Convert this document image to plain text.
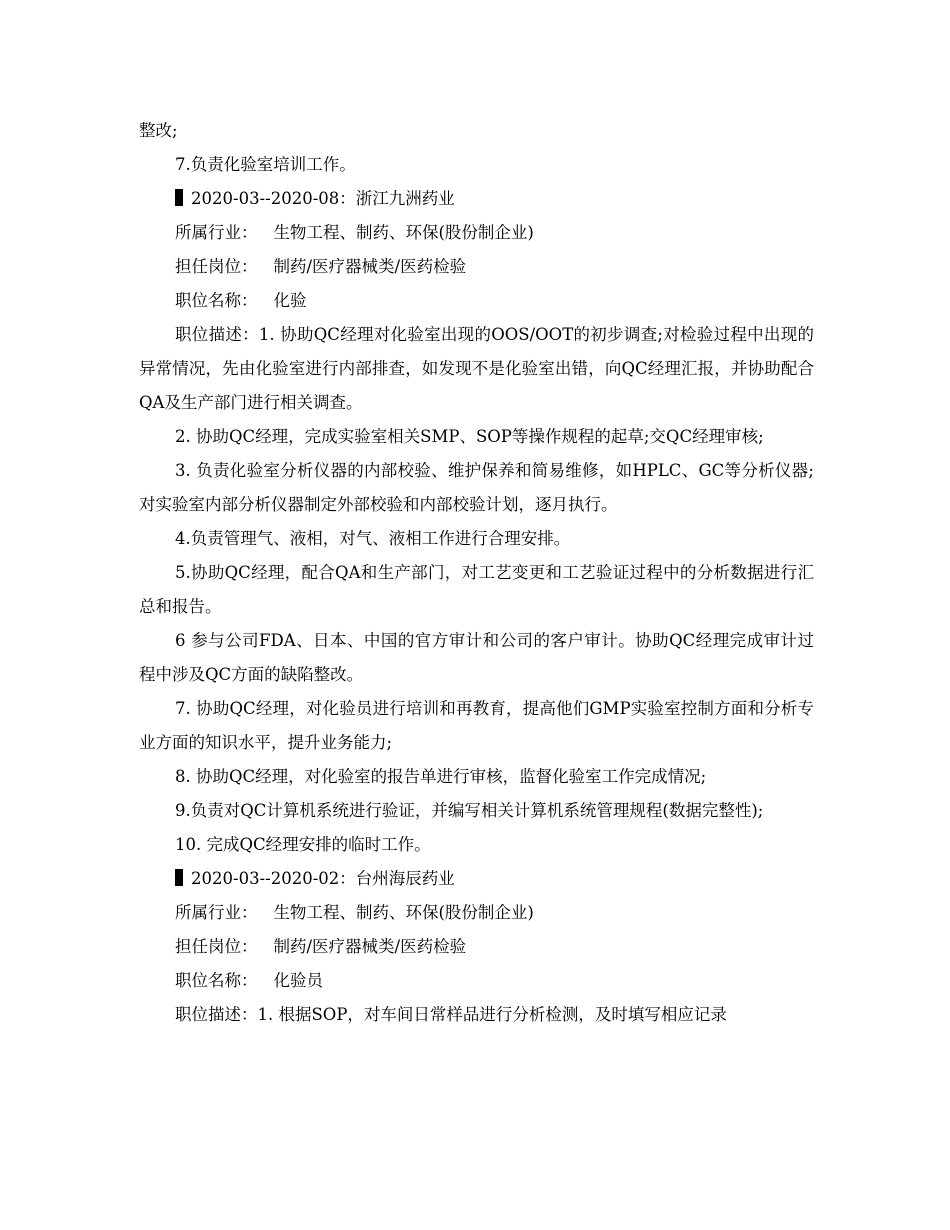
整改;

7.负责化验室培训工作。

2020-03--2020-08：浙江九洲药业

所属行业： 生物工程、制药、环保(股份制企业)

担任岗位： 制药/医疗器械类/医药检验

职位名称： 化验

职位描述：1. 协助QC经理对化验室出现的OOS/OOT的初步调查;对检验过程中出现的异常情况，先由化验室进行内部排查，如发现不是化验室出错，向QC经理汇报，并协助配合QA及生产部门进行相关调查。

2. 协助QC经理，完成实验室相关SMP、SOP等操作规程的起草;交QC经理审核;

3. 负责化验室分析仪器的内部校验、维护保养和简易维修，如HPLC、GC等分析仪器;对实验室内部分析仪器制定外部校验和内部校验计划，逐月执行。

4.负责管理气、液相，对气、液相工作进行合理安排。

5.协助QC经理，配合QA和生产部门，对工艺变更和工艺验证过程中的分析数据进行汇总和报告。

6 参与公司FDA、日本、中国的官方审计和公司的客户审计。协助QC经理完成审计过程中涉及QC方面的缺陷整改。

7. 协助QC经理，对化验员进行培训和再教育，提高他们GMP实验室控制方面和分析专业方面的知识水平，提升业务能力;

8. 协助QC经理，对化验室的报告单进行审核，监督化验室工作完成情况;

9.负责对QC计算机系统进行验证，并编写相关计算机系统管理规程(数据完整性);

10. 完成QC经理安排的临时工作。

2020-03--2020-02：台州海辰药业

所属行业： 生物工程、制药、环保(股份制企业)

担任岗位： 制药/医疗器械类/医药检验

职位名称： 化验员

职位描述：1. 根据SOP，对车间日常样品进行分析检测，及时填写相应记录
